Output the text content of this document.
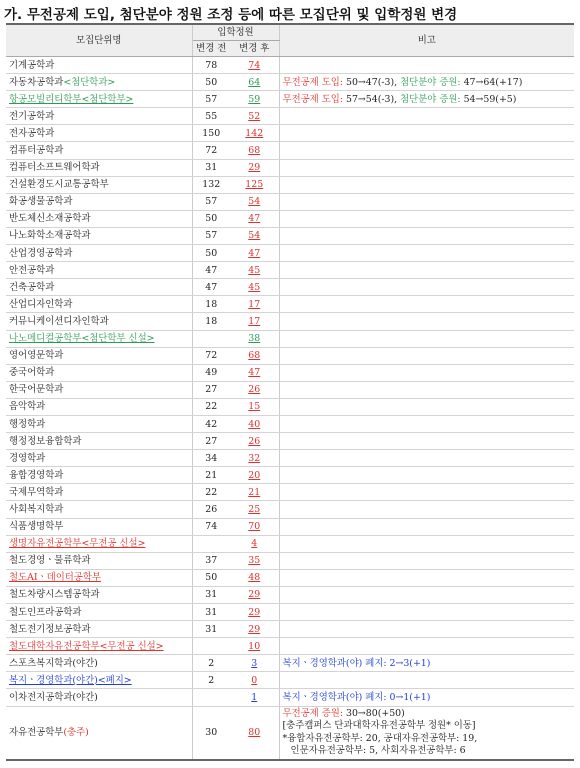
가. 무전공제 도입, 첨단분야 정원 조정 등에 따른 모집단위 및 입학정원 변경
모집단위명	입학정원		비고
	변경 전	변경 후	
기계공학과	78	74	
자동차공학과<첨단학과>	50	64	무전공제 도입: 50→47(-3), 첨단분야 증원: 47→64(+17)
항공모빌리티학부<첨단학부>	57	59	무전공제 도입: 57→54(-3), 첨단분야 증원: 54→59(+5)
전기공학과	55	52	
전자공학과	150	142	
컴퓨터공학과	72	68	
컴퓨터소프트웨어학과	31	29	
건설환경도시교통공학부	132	125	
화공생물공학과	57	54	
반도체신소재공학과	50	47	
나노화학소재공학과	57	54	
산업경영공학과	50	47	
안전공학과	47	45	
건축공학과	47	45	
산업디자인학과	18	17	
커뮤니케이션디자인학과	18	17	
나노메디컬공학부<첨단학부 신설>		38	
영어영문학과	72	68	
중국어학과	49	47	
한국어문학과	27	26	
음악학과	22	15	
행정학과	42	40	
행정정보융합학과	27	26	
경영학과	34	32	
융합경영학과	21	20	
국제무역학과	22	21	
사회복지학과	26	25	
식품생명학부	74	70	
생명자유전공학부<무전공 신설>		4	
철도경영ㆍ물류학과	37	35	
철도AIㆍ데이터공학부	50	48	
철도차량시스템공학과	31	29	
철도인프라공학과	31	29	
철도전기정보공학과	31	29	
철도대학자유전공학부<무전공 신설>		10	
스포츠복지학과(야간)	2	3	복지ㆍ경영학과(야) 폐지: 2→3(+1)
복지ㆍ경영학과(야간)<폐지>	2	0	
이차전지공학과(야간)		1	복지ㆍ경영학과(야) 폐지: 0→1(+1)
자유전공학부(충주)	30	80	무전공제 증원: 30→80(+50)
[충주캠퍼스 단과대학자유전공학부 정원* 이동]
*융합자유전공학부: 20, 공대자유전공학부: 19,
인문자유전공학부: 5, 사회자유전공학부: 6
